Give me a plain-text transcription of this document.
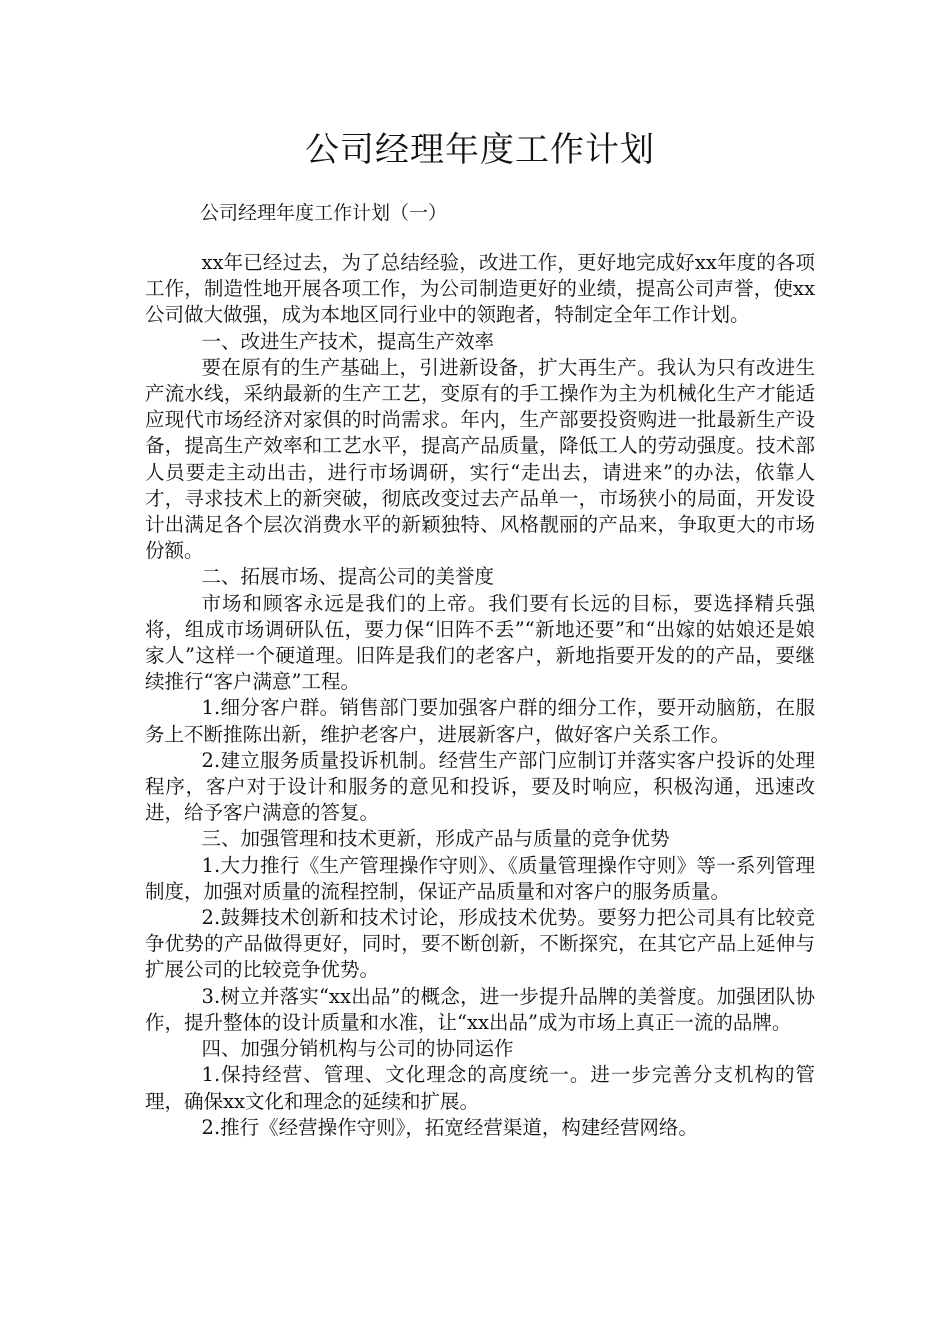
公司经理年度工作计划
公司经理年度工作计划（一）

xx年已经过去，为了总结经验，改进工作，更好地完成好xx年度的各项工作，制造性地开展各项工作，为公司制造更好的业绩，提高公司声誉，使xx公司做大做强，成为本地区同行业中的领跑者，特制定全年工作计划。

一、改进生产技术，提高生产效率

要在原有的生产基础上，引进新设备，扩大再生产。我认为只有改进生产流水线，采纳最新的生产工艺，变原有的手工操作为主为机械化生产才能适应现代市场经济对家俱的时尚需求。年内，生产部要投资购进一批最新生产设备，提高生产效率和工艺水平，提高产品质量，降低工人的劳动强度。技术部人员要走主动出击，进行市场调研，实行“走出去，请进来”的办法，依靠人才，寻求技术上的新突破，彻底改变过去产品单一，市场狭小的局面，开发设计出满足各个层次消费水平的新颖独特、风格靓丽的产品来，争取更大的市场份额。

二、拓展市场、提高公司的美誉度

市场和顾客永远是我们的上帝。我们要有长远的目标，要选择精兵强将，组成市场调研队伍，要力保“旧阵不丢”“新地还要”和“出嫁的姑娘还是娘家人”这样一个硬道理。旧阵是我们的老客户，新地指要开发的的产品，要继续推行“客户满意”工程。

1.细分客户群。销售部门要加强客户群的细分工作，要开动脑筋，在服务上不断推陈出新，维护老客户，进展新客户，做好客户关系工作。

2.建立服务质量投诉机制。经营生产部门应制订并落实客户投诉的处理程序，客户对于设计和服务的意见和投诉，要及时响应，积极沟通，迅速改进，给予客户满意的答复。

三、加强管理和技术更新，形成产品与质量的竞争优势

1.大力推行《生产管理操作守则》、《质量管理操作守则》等一系列管理制度，加强对质量的流程控制，保证产品质量和对客户的服务质量。

2.鼓舞技术创新和技术讨论，形成技术优势。要努力把公司具有比较竞争优势的产品做得更好，同时，要不断创新，不断探究，在其它产品上延伸与扩展公司的比较竞争优势。

3.树立并落实“xx出品”的概念，进一步提升品牌的美誉度。加强团队协作，提升整体的设计质量和水准，让“xx出品”成为市场上真正一流的品牌。

四、加强分销机构与公司的协同运作

1.保持经营、管理、文化理念的高度统一。进一步完善分支机构的管理，确保xx文化和理念的延续和扩展。

2.推行《经营操作守则》，拓宽经营渠道，构建经营网络。
